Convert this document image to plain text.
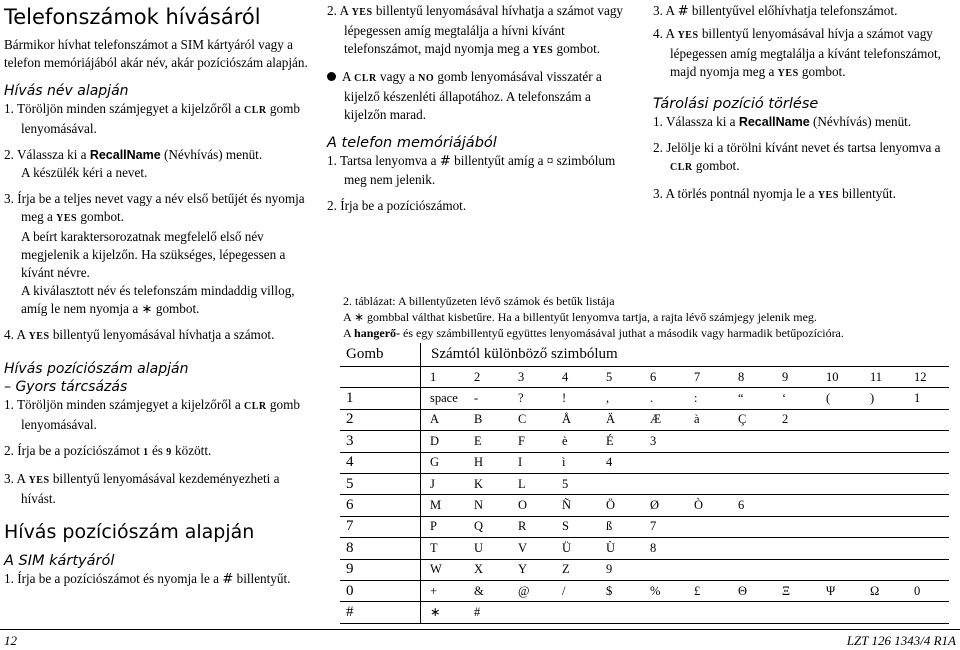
Telefonszámok hívásáról

Bármikor hívhat telefonszámot a SIM kártyáról vagy a telefon memóriájából akár név, akár pozíciószám alapján.

Hívás név alapján

1. Töröljön minden számjegyet a kijelzőről a CLR gomb lenyomásával.

2. Válassza ki a RecallName (Névhívás) menüt.

A készülék kéri a nevet.

3. Írja be a teljes nevet vagy a név első betűjét és nyomja meg a YES gombot.

A beírt karaktersorozatnak megfelelő első név megjelenik a kijelzőn. Ha szükséges, lépegessen a kívánt névre.

A kiválasztott név és telefonszám mindaddig villog, amíg le nem nyomja a ∗ gombot.

4. A YES billentyű lenyomásával hívhatja a számot.

Hívás pozíciószám alapján
– Gyors tárcsázás

1. Töröljön minden számjegyet a kijelzőről a CLR gomb lenyomásával.

2. Írja be a pozíciószámot 1 és 9 között.

3. A YES billentyű lenyomásával kezdeményezheti a hívást.

Hívás pozíciószám alapján
A SIM kártyáról

1. Írja be a pozíciószámot és nyomja le a # billentyűt.

2. A YES billentyű lenyomásával hívhatja a számot vagy lépegessen amíg megtalálja a hívni kívánt telefonszámot, majd nyomja meg a YES gombot.

A CLR vagy a NO gomb lenyomásával visszatér a kijelző készenléti állapotához. A telefonszám a kijelzőn marad.

A telefon memóriájából

1. Tartsa lenyomva a # billentyűt amíg a ¤ szimbólum meg nem jelenik.

2. Írja be a pozíciószámot.

3. A # billentyűvel előhívhatja telefonszámot.

4. A YES billentyű lenyomásával hívja a számot vagy lépegessen amíg megtalálja a kívánt telefonszámot, majd nyomja meg a YES gombot.

Tárolási pozíció törlése

1. Válassza ki a RecallName (Névhívás) menüt.

2. Jelölje ki a törölni kívánt nevet és tartsa lenyomva a CLR gombot.

3. A törlés pontnál nyomja le a YES billentyűt.

2. táblázat: A billentyűzeten lévő számok és betűk listája
A ∗ gombbal válthat kisbetűre. Ha a billentyűt lenyomva tartja, a rajta lévő számjegy jelenik meg.
A hangerő- és egy számbillentyű együttes lenyomásával juthat a második vagy harmadik betűpozícióra.
Gomb	Számtól különböző szimbólum											
	1	2	3	4	5	6	7	8	9	10	11	12
1	space	-	?	!	,	.	:	“	‘	(	)	1
2	A	B	C	Å	Ä	Æ	à	Ç	2			
3	D	E	F	è	É	3						
4	G	H	I	ì	4							
5	J	K	L	5								
6	M	N	O	Ñ	Ö	Ø	Ò	6				
7	P	Q	R	S	ß	7						
8	T	U	V	Ü	Ù	8						
9	W	X	Y	Z	9							
0	+	&	@	/	$	%	£	Θ	Ξ	Ψ	Ω	0
#	∗	#										
12	LZT 126 1343/4 R1A
